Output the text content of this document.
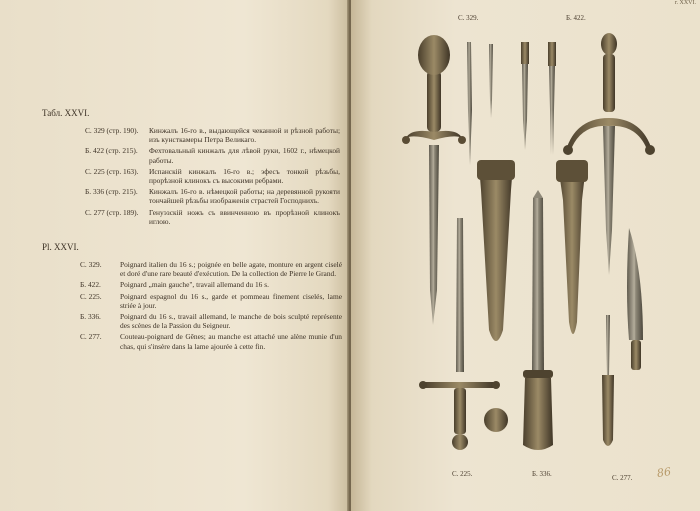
Табл. XXVI.
С. 329 (стр. 190).	Кинжалъ 16-го в., выдающейся чеканной и рѣзной работы; изъ кунсткамеры Петра Великаго.
Б. 422 (стр. 215).	Фехтовальный кинжалъ для лѣвой руки, 1602 г., нѣмецкой работы.
С. 225 (стр. 163).	Испанскій кинжалъ 16-го в.; эфесъ тонкой рѣзьбы, прорѣзной клинокъ съ высокими ребрами.
Б. 336 (стр. 215).	Кинжалъ 16-го в. нѣмецкой работы; на деревянной рукояти тончайшей рѣзьбы изображенія страстей Господнихъ.
С. 277 (стр. 189).	Генуэзскій ножъ съ ввинченною въ прорѣзной клинокъ иглою.
Pl. XXVI.
С. 329.	Poignard italien du 16 s.; poignée en belle agate, monture en argent ciselé et doré d'une rare beauté d'exécution. De la collection de Pierre le Grand.
Б. 422.	Poignard „main gauche", travail allemand du 16 s.
С. 225.	Poignard espagnol du 16 s., garde et pommeau finement ciselés, lame striée à jour.
Б. 336.	Poignard du 16 s., travail allemand, le manche de bois sculpté représente des scènes de la Passion du Seigneur.
С. 277.	Couteau-poignard de Gênes; au manche est attaché une alène munie d'un chas, qui s'insère dans la lame ajourée à cette fin.
г. XXVI.
С. 329.	Б. 422.
С. 225.	Б. 336.	С. 277. 86
